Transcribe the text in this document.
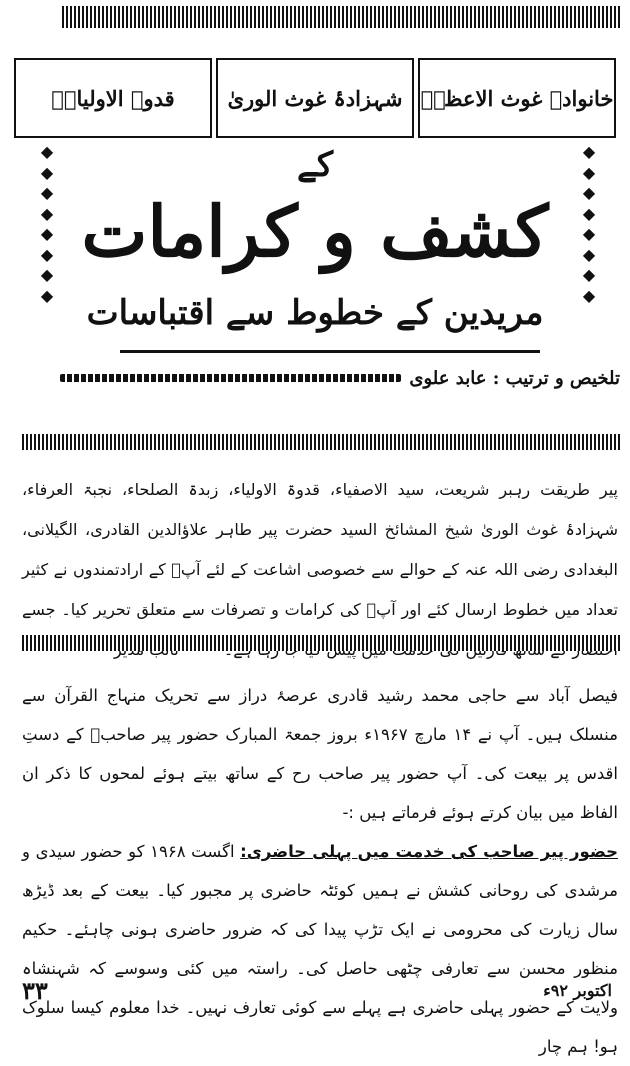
خانوادۂ غوث الاعظمؓ
شہزادۂ غوث الوریٰ
قدوۃ الاولیاءؒ
◆
◆
◆
◆
◆
◆
◆
◆
◆
◆
◆
◆
◆
◆
◆
◆
کے
کشف و کرامات
مریدین کے خطوط سے اقتباسات
تلخیص و ترتیب : عابد علوی
پیر طریقت رہبر شریعت، سید الاصفیاء، قدوۃ الاولیاء، زبدۃ الصلحاء، نجبۃ العرفاء، شہزادۂ غوث الوریٰ شیخ المشائخ السید حضرت پیر طاہر علاؤالدین القادری، الگیلانی، البغدادی رضی اللہ عنہ کے حوالے سے خصوصی اشاعت کے لئے آپؒ کے ارادتمندوں نے کثیر تعداد میں خطوط ارسال کئے اور آپؒ کی کرامات و تصرفات سے متعلق تحریر کیا۔ جسے

فیصل آباد سے حاجی محمد رشید قادری عرصۂ دراز سے تحریک منہاج القرآن سے منسلک ہیں۔ آپ نے ۱۴ مارچ ۱۹۶۷ء بروز جمعۃ المبارک حضور پیر صاحبؒ کے دستِ اقدس پر بیعت کی۔ آپ حضور پیر صاحب رح کے ساتھ بیتے ہوئے لمحوں کا ذکر ان الفاظ میں بیان کرتے ہوئے فرماتے ہیں :-

حضور پیر صاحب کی خدمت میں پہلی حاضری: اگست ۱۹۶۸ کو حضور سیدی و مرشدی کی روحانی کشش نے ہمیں کوئٹہ حاضری پر مجبور کیا۔ بیعت کے بعد ڈیڑھ سال زیارت کی محرومی نے ایک تڑپ پیدا کی کہ ضرور حاضری ہونی چاہئے۔ حکیم منظور محسن سے تعارفی چٹھی حاصل کی۔ راستہ میں کئی وسوسے کہ شہنشاہ ولایت کے حضور پہلی حاضری ہے پہلے سے کوئی تعارف نہیں۔ خدا معلوم کیسا سلوک ہو! ہم چار

۳۳	اکتوبر ۹۲ء
